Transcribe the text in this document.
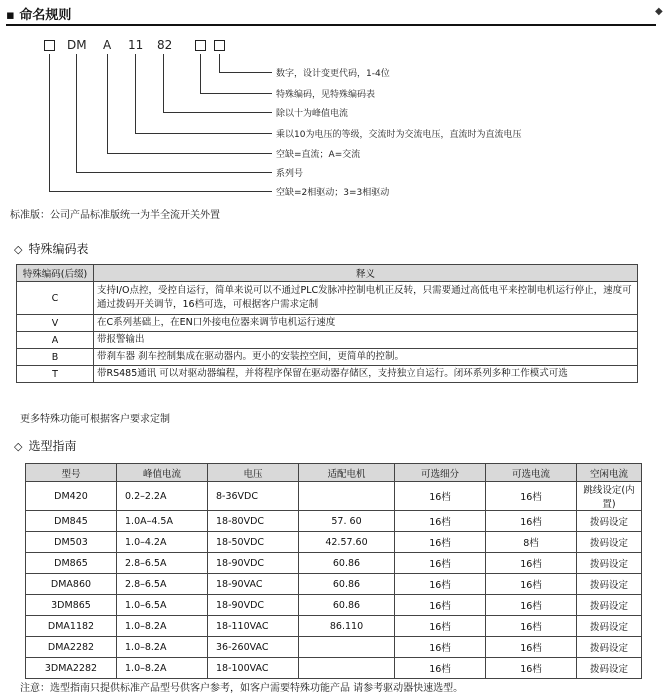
▪ 命名规则	◆
DM A 11 82
数字，设计变更代码，1-4位
特殊编码，见特殊编码表
除以十为峰值电流
乘以10为电压的等级，交流时为交流电压，直流时为直流电压
空缺=直流；A=交流
系列号
空缺=2相驱动；3=3相驱动
标准版：公司产品标准版统一为半全流开关外置
◇ 特殊编码表
特殊编码(后缀)	释义
C	支持I/O点控，受控自运行，简单来说可以不通过PLC发脉冲控制电机正反转，只需要通过高低电平来控制电机运行停止，速度可通过拨码开关调节，16档可选，可根据客户需求定制
V	在C系列基础上，在EN口外接电位器来调节电机运行速度
A	带报警输出
B	带刹车器 刹车控制集成在驱动器内。更小的安装控空间，更简单的控制。
T	带RS485通讯 可以对驱动器编程，并将程序保留在驱动器存储区，支持独立自运行。闭环系列多种工作模式可选
更多特殊功能可根据客户要求定制
◇ 选型指南
型号	峰值电流	电压	适配电机	可选细分	可选电流	空闲电流
DM420	0.2–2.2A	8-36VDC		16档	16档	跳线设定(内置)
DM845	1.0A–4.5A	18-80VDC	57. 60	16档	16档	拨码设定
DM503	1.0–4.2A	18-50VDC	42.57.60	16档	8档	拨码设定
DM865	2.8–6.5A	18-90VDC	60.86	16档	16档	拨码设定
DMA860	2.8–6.5A	18-90VAC	60.86	16档	16档	拨码设定
3DM865	1.0–6.5A	18-90VDC	60.86	16档	16档	拨码设定
DMA1182	1.0–8.2A	18-110VAC	86.110	16档	16档	拨码设定
DMA2282	1.0–8.2A	36-260VAC		16档	16档	拨码设定
3DMA2282	1.0–8.2A	18-100VAC		16档	16档	拨码设定
注意：选型指南只提供标准产品型号供客户参考，如客户需要特殊功能产品 请参考驱动器快速选型。
